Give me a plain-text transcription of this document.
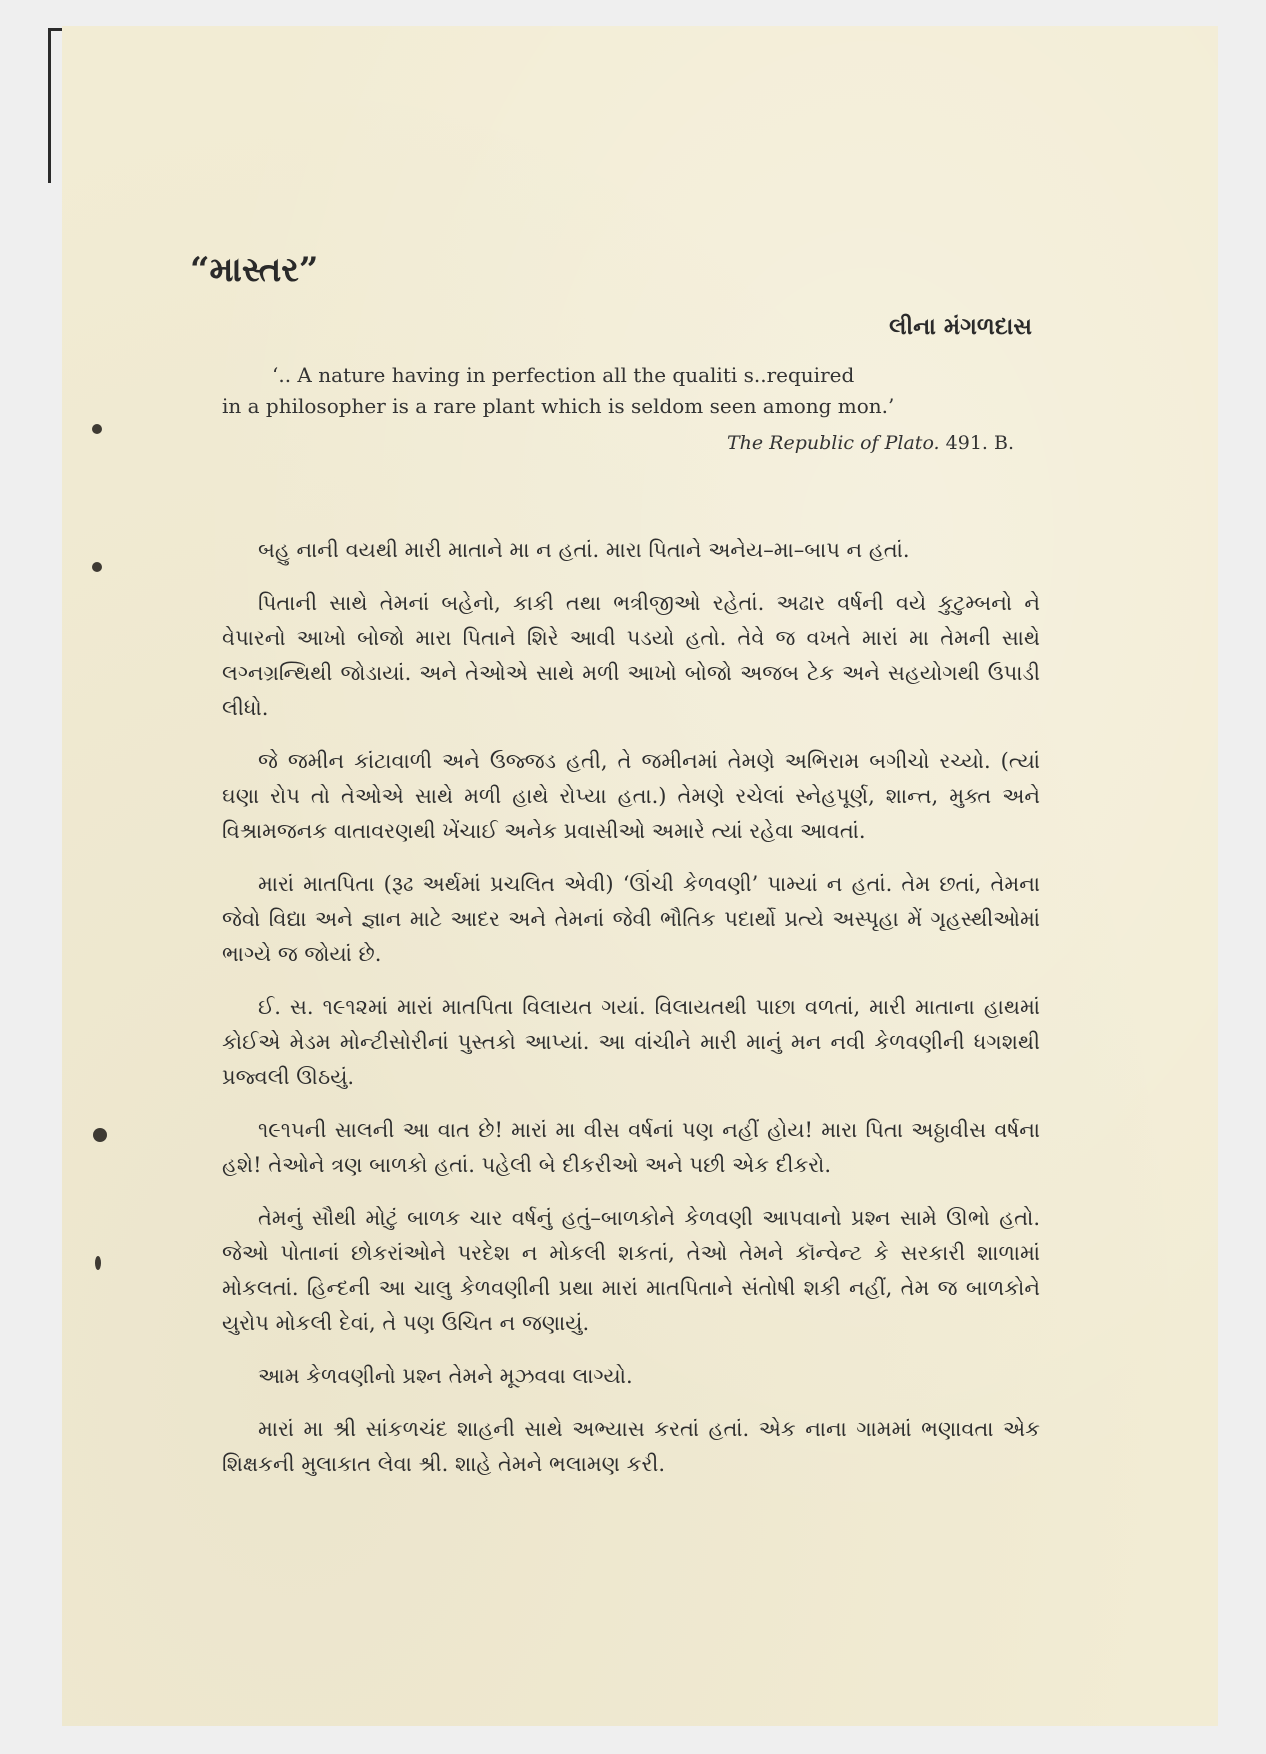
“માસ્તર”
લીના મંગળદાસ
‘.. A nature having in perfection all the qualiti s..required
in a philosopher is a rare plant which is seldom seen among mon.’
The Republic of Plato. 491. B.

બહુ નાની વયથી મારી માતાને મા ન હતાં. મારા પિતાને અનેય–મા–બાપ ન હતાં.

પિતાની સાથે તેમનાં બહેનો, કાકી તથા ભત્રીજીઓ રહેતાં. અઢાર વર્ષની વયે કુટુમ્બનો ને વેપારનો આખો બોજો મારા પિતાને શિરે આવી પડયો હતો. તેવે જ વખતે મારાં મા તેમની સાથે લગ્નગ્રન્થિથી જોડાયાં. અને તેઓએ સાથે મળી આખો બોજો અજબ ટેક અને સહયોગથી ઉપાડી લીધો.

જે જમીન કાંટાવાળી અને ઉજ્જડ હતી, તે જમીનમાં તેમણે અભિરામ બગીચો રચ્યો. (ત્યાં ઘણા રોપ તો તેઓએ સાથે મળી હાથે રોપ્યા હતા.) તેમણે રચેલાં સ્નેહપૂર્ણ, શાન્ત, મુક્ત અને વિશ્રામજનક વાતાવરણથી ખેંચાઈ અનેક પ્રવાસીઓ અમારે ત્યાં રહેવા આવતાં.

મારાં માતપિતા (રૂઢ અર્થમાં પ્રચલિત એવી) ‘ઊંચી કેળવણી’ પામ્યાં ન હતાં. તેમ છતાં, તેમના જેવો વિદ્યા અને જ્ઞાન માટે આદર અને તેમનાં જેવી ભૌતિક પદાર્થો પ્રત્યે અસ્પૃહા મેં ગૃહસ્થીઓમાં ભાગ્યે જ જોયાં છે.

ઈ. સ. ૧૯૧૨માં મારાં માતપિતા વિલાયત ગયાં. વિલાયતથી પાછા વળતાં, મારી માતાના હાથમાં કોઈએ મેડમ મોન્ટીસોરીનાં પુસ્તકો આપ્યાં. આ વાંચીને મારી માનું મન નવી કેળવણીની ધગશથી પ્રજ્વલી ઊઠયું.

૧૯૧૫ની સાલની આ વાત છે! મારાં મા વીસ વર્ષનાં પણ નહીં હોય! મારા પિતા અઠ્ઠાવીસ વર્ષના હશે! તેઓને ત્રણ બાળકો હતાં. પહેલી બે દીકરીઓ અને પછી એક દીકરો.

તેમનું સૌથી મોટું બાળક ચાર વર્ષનું હતું–બાળકોને કેળવણી આપવાનો પ્રશ્ન સામે ઊભો હતો. જેઓ પોતાનાં છોકરાંઓને પરદેશ ન મોકલી શકતાં, તેઓ તેમને કૉન્વેન્ટ કે સરકારી શાળામાં મોકલતાં. હિન્દની આ ચાલુ કેળવણીની પ્રથા મારાં માતપિતાને સંતોષી શકી નહીં, તેમ જ બાળકોને યુરોપ મોકલી દેવાં, તે પણ ઉચિત ન જણાયું.

આમ કેળવણીનો પ્રશ્ન તેમને મૂઝવવા લાગ્યો.

મારાં મા શ્રી સાંકળચંદ શાહની સાથે અભ્યાસ કરતાં હતાં. એક નાના ગામમાં ભણાવતા એક શિક્ષકની મુલાકાત લેવા શ્રી. શાહે તેમને ભલામણ કરી.
